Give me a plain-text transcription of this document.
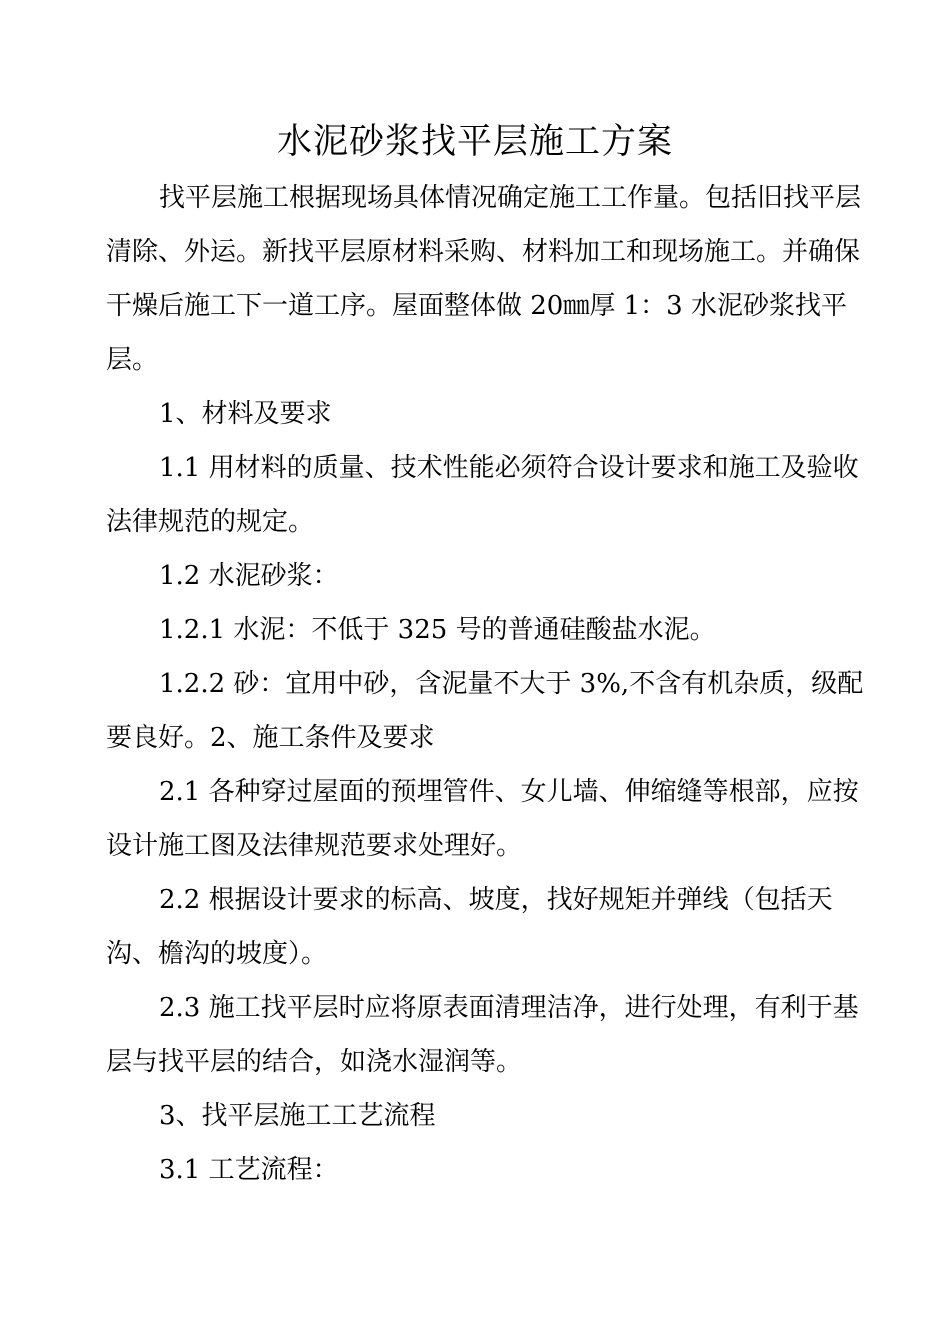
水泥砂浆找平层施工方案
找平层施工根据现场具体情况确定施工工作量。包括旧找平层
清除、外运。新找平层原材料采购、材料加工和现场施工。并确保
干燥后施工下一道工序。屋面整体做 20㎜厚 1：3 水泥砂浆找平
层。
1、材料及要求
1.1 用材料的质量、技术性能必须符合设计要求和施工及验收
法律规范的规定。
1.2 水泥砂浆：
1.2.1 水泥：不低于 325 号的普通硅酸盐水泥。
1.2.2 砂：宜用中砂，含泥量不大于 3%,不含有机杂质，级配
要良好。2、施工条件及要求
2.1 各种穿过屋面的预埋管件、女儿墙、伸缩缝等根部，应按
设计施工图及法律规范要求处理好。
2.2 根据设计要求的标高、坡度，找好规矩并弹线（包括天
沟、檐沟的坡度）。
2.3 施工找平层时应将原表面清理洁净，进行处理，有利于基
层与找平层的结合，如浇水湿润等。
3、找平层施工工艺流程
3.1 工艺流程：
